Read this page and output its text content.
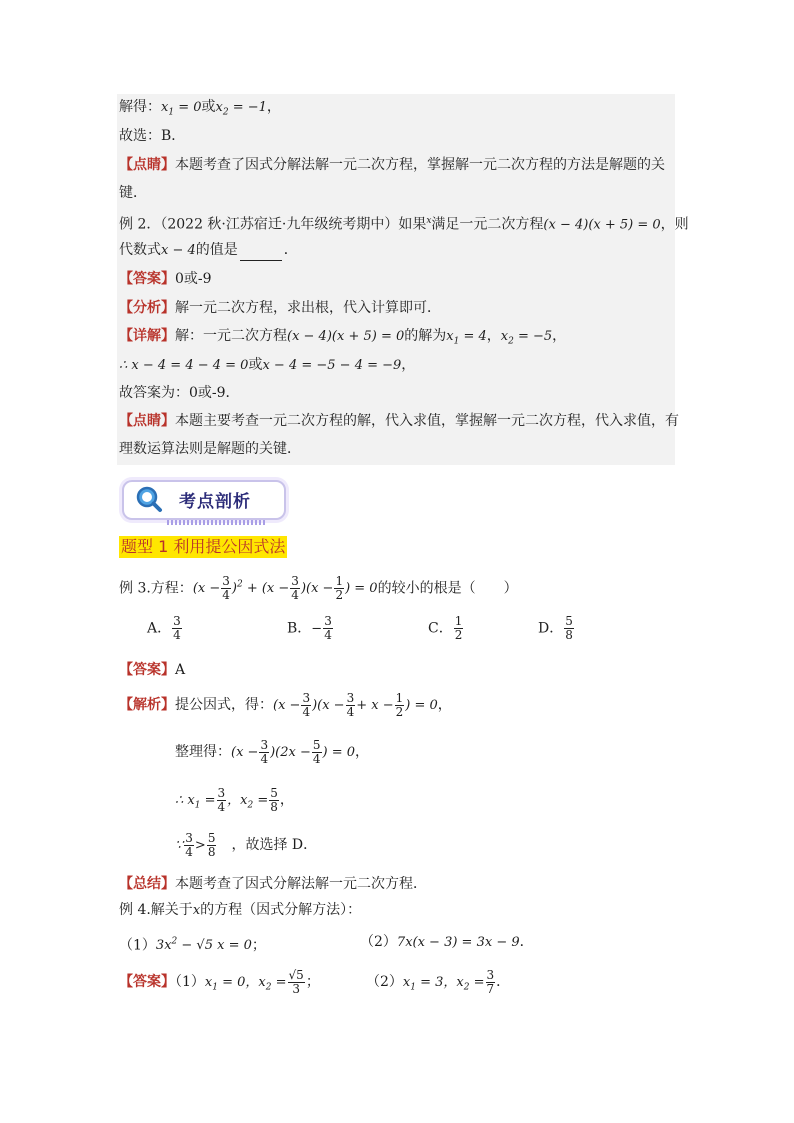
解得：$x_1 = 0$或$x_2 = -1$，
故选：B．
【点睛】本题考查了因式分解法解一元二次方程，掌握解一元二次方程的方法是解题的关
键．
例 2．（2022 秋·江苏宿迁·九年级统考期中）如果$^x$满足一元二次方程(x − 4)(x + 5) = 0，则
代数式x − 4的值是	．
【答案】0或-9
【分析】解一元二次方程，求出根，代入计算即可．
【详解】解：一元二次方程(x − 4)(x + 5) = 0的解为$x_1 = 4$，$x_2 = -5$，
∴ x − 4 = 4 − 4 = 0或x − 4 = −5 − 4 = −9，
故答案为：0或-9．
【点睛】本题主要考查一元二次方程的解，代入求值，掌握解一元二次方程，代入求值，有
理数运算法则是解题的关键．
考点剖析
题型 1 利用提公因式法
例 3.方程：$(x - \frac{3}{4} )^2 + (x - \frac{3}{4} )(x - \frac{1}{2}$ ) = 0的较小的根是（　　）
A． $\frac{3}{4}$	B．− $\frac{3}{4}$	C． $\frac{1}{2}$	D． $\frac{5}{8}$
【答案】A
【解析】提公因式，得：$(x - \frac{3}{4} )(x - \frac{3}{4} + x - \frac{1}{2}$ ) = 0，
整理得：$(x - \frac{3}{4} )(2x - \frac{5}{4}$ ) = 0，
∴ $x_1 = \frac{3}{4}$ ，$x_2 = \frac{5}{8}$ ，
∵ $\frac{3}{4} > \frac{5}{8}$
　 ，故选择 D．
【总结】本题考查了因式分解法解一元二次方程．
例 4.解关于x的方程（因式分解方法）：
$(1)3x^2 - √5$ x = 0；	（2）7x(x − 3) = 3x − 9．
【答案】$(1)x_1 = 0$，$x_2 = \frac{√5}{3}$ ；	$(2)x_1 = 3$，$x_2 = \frac{3}{7}$ ．
